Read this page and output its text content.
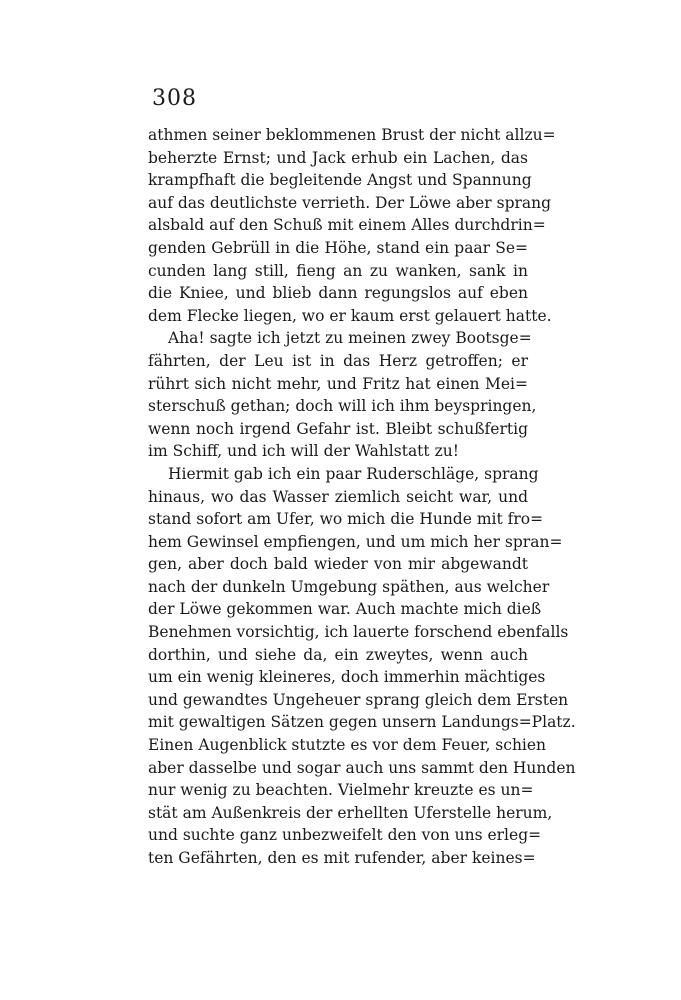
308
athmen seiner beklommenen Brust der nicht allzu=
beherzte Ernst; und Jack erhub ein Lachen, das
krampfhaft die begleitende Angst und Spannung
auf das deutlichste verrieth. Der Löwe aber sprang
alsbald auf den Schuß mit einem Alles durchdrin=
genden Gebrüll in die Höhe, stand ein paar Se=
cunden lang still, fieng an zu wanken, sank in
die Kniee, und blieb dann regungslos auf eben
dem Flecke liegen, wo er kaum erst gelauert hatte.
Aha! sagte ich jetzt zu meinen zwey Bootsge=
fährten, der Leu ist in das Herz getroffen; er
rührt sich nicht mehr, und Fritz hat einen Mei=
sterschuß gethan; doch will ich ihm beyspringen,
wenn noch irgend Gefahr ist. Bleibt schußfertig
im Schiff, und ich will der Wahlstatt zu!
Hiermit gab ich ein paar Ruderschläge, sprang
hinaus, wo das Wasser ziemlich seicht war, und
stand sofort am Ufer, wo mich die Hunde mit fro=
hem Gewinsel empfiengen, und um mich her spran=
gen, aber doch bald wieder von mir abgewandt
nach der dunkeln Umgebung späthen, aus welcher
der Löwe gekommen war. Auch machte mich dieß
Benehmen vorsichtig, ich lauerte forschend ebenfalls
dorthin, und siehe da, ein zweytes, wenn auch
um ein wenig kleineres, doch immerhin mächtiges
und gewandtes Ungeheuer sprang gleich dem Ersten
mit gewaltigen Sätzen gegen unsern Landungs=Platz.
Einen Augenblick stutzte es vor dem Feuer, schien
aber dasselbe und sogar auch uns sammt den Hunden
nur wenig zu beachten. Vielmehr kreuzte es un=
stät am Außenkreis der erhellten Uferstelle herum,
und suchte ganz unbezweifelt den von uns erleg=
ten Gefährten, den es mit rufender, aber keines=
